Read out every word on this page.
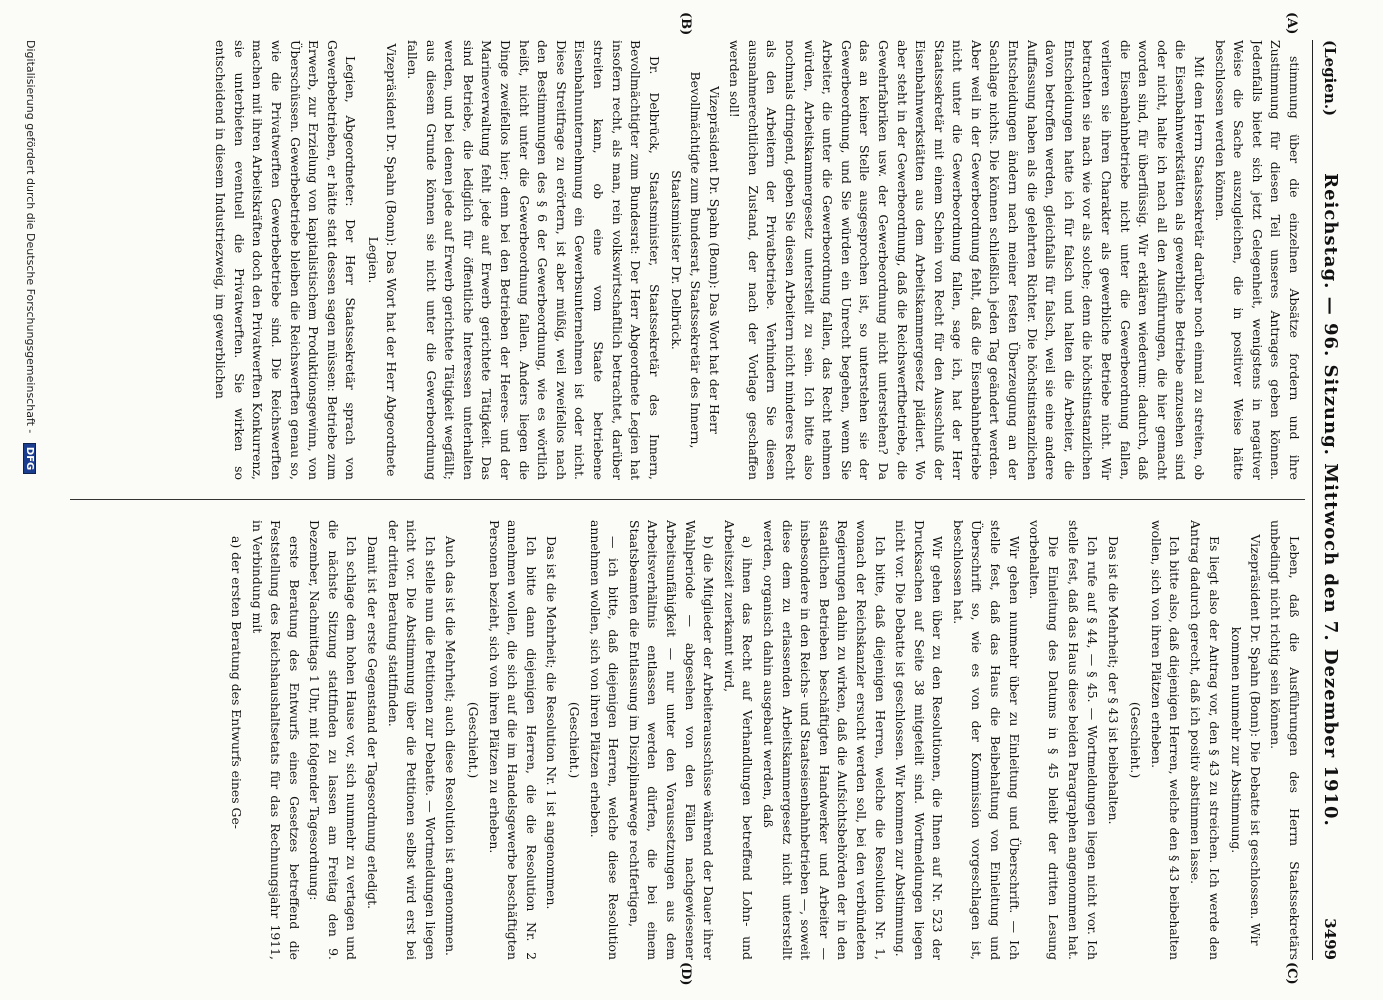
(Legien.)
Reichstag. — 96. Sitzung. Mittwoch den 7. Dezember 1910.
3499
(A)
(B)
(C)
(D)

stimmung über die einzelnen Absätze fordern und ihre Zustimmung für diesen Teil unseres Antrages geben können. Jedenfalls bietet sich jetzt Gelegenheit, wenigstens in negativer Weise die Sache auszugleichen, die in positiver Weise hätte beschlossen werden können.

Mit dem Herrn Staatssekretär darüber noch einmal zu streiten, ob die Eisenbahnwerkstätten als gewerbliche Betriebe anzusehen sind oder nicht, halte ich nach all den Ausführungen, die hier gemacht worden sind, für überflüssig. Wir erklären wiederum: dadurch, daß die Eisenbahnbetriebe nicht unter die Gewerbeordnung fallen, verlieren sie ihren Charakter als gewerbliche Betriebe nicht. Wir betrachten sie nach wie vor als solche; denn die höchstinstanzlichen Entscheidungen hatte ich für falsch und halten die Arbeiter, die davon betroffen werden, gleichfalls für falsch, weil sie eine andere Auffassung haben als die gelehrten Richter. Die höchstinstanzlichen Entscheidungen ändern nach meiner festen Überzeugung an der Sachlage nichts. Die können schließlich jeden Tag geändert werden. Aber weil in der Gewerbeordnung fehlt, daß die Eisenbahnbetriebe nicht unter die Gewerbeordnung fallen, sage ich, hat der Herr Staatssekretär mit einem Schein von Recht für den Ausschluß der Eisenbahnwerkstätten aus dem Arbeitskammergesetz plädiert. Wo aber steht in der Gewerbeordnung, daß die Reichswerftbetriebe, die Gewehrfabriken usw. der Gewerbeordnung nicht unterstehen? Da das an keiner Stelle ausgesprochen ist, so unterstehen sie der Gewerbeordnung, und Sie würden ein Unrecht begehen, wenn Sie Arbeiter, die unter die Gewerbeordnung fallen, das Recht nehmen würden, Arbeitskammergesetz unterstellt zu sein. Ich bitte also nochmals dringend, geben Sie diesen Arbeitern nicht minderes Recht als den Arbeitern der Privatbetriebe. Verhindern Sie diesen ausnahmerechtlichen Zustand, der nach der Vorlage geschaffen werden soll!

Vizepräsident Dr. Spahn (Bonn): Das Wort hat der Herr Bevollmächtigte zum Bundesrat, Staatssekretär des Innern, Staatsminister Dr. Delbrück.

Dr. Delbrück, Staatsminister, Staatssekretär des Innern, Bevollmächtigter zum Bundesrat: Der Herr Abgeordnete Legien hat insofern recht, als man, rein volkswirtschaftlich betrachtet, darüber streiten kann, ob eine vom Staate betriebene Eisenbahnunternehmung ein Gewerbsunternehmen ist oder nicht. Diese Streitfrage zu erörtern, ist aber müßig, weil zweifellos nach den Bestimmungen des § 6 der Gewerbeordnung, wie es wörtlich heißt, nicht unter die Gewerbeordnung fallen. Anders liegen die Dinge zweifellos hier; denn bei den Betrieben der Heeres- und der Marineverwaltung fehlt jede auf Erwerb gerichtete Tätigkeit. Das sind Betriebe, die lediglich für öffentliche Interessen unterhalten werden, und bei denen jede auf Erwerb gerichtete Tätigkeit wegfällt; aus diesem Grunde können sie nicht unter die Gewerbeordnung fallen.

Vizepräsident Dr. Spahn (Bonn): Das Wort hat der Herr Abgeordnete Legien.

Legien, Abgeordneter: Der Herr Staatssekretär sprach von Gewerbebetrieben, er hätte statt dessen sagen müssen: Betriebe zum Erwerb, zur Erzielung von kapitalistischem Produktionsgewinn, von Überschüssen. Gewerbebetriebe bleiben die Reichswerften genau so, wie die Privatwerften Gewerbebetriebe sind. Die Reichswerften machen mit ihren Arbeitskräften doch den Privatwerften Konkurrenz, sie unterbieten eventuell die Privatwerften. Sie wirken so entscheidend in diesem Industriezweig, im gewerblichen

Leben, daß die Ausführungen des Herrn Staatssekretärs unbedingt nicht richtig sein können.

Vizepräsident Dr. Spahn (Bonn): Die Debatte ist geschlossen. Wir kommen nunmehr zur Abstimmung.

Es liegt also der Antrag vor, den § 43 zu streichen. Ich werde den Antrag dadurch gerecht, daß ich positiv abstimmen lasse.

Ich bitte also, daß diejenigen Herren, welche den § 43 beibehalten wollen, sich von ihren Plätzen erheben.

(Geschieht.)

Das ist die Mehrheit; der § 43 ist beibehalten.

Ich rufe auf § 44, — § 45. — Wortmeldungen liegen nicht vor. Ich stelle fest, daß das Haus diese beiden Paragraphen angenommen hat.

Die Einleitung des Datums in § 45 bleibt der dritten Lesung vorbehalten.

Wir gehen nunmehr über zu Einleitung und Überschrift. — Ich stelle fest, daß das Haus die Beibehaltung von Einleitung und Überschrift so, wie es von der Kommission vorgeschlagen ist, beschlossen hat.

Wir gehen über zu den Resolutionen, die Ihnen auf Nr. 523 der Drucksachen auf Seite 38 mitgeteilt sind. Wortmeldungen liegen nicht vor. Die Debatte ist geschlossen. Wir kommen zur Abstimmung.

Ich bitte, daß diejenigen Herren, welche die Resolution Nr. 1, wonach der Reichskanzler ersucht werden soll, bei den verbündeten Regierungen dahin zu wirken, daß die Aufsichtsbehörden der in den staatlichen Betrieben beschäftigten Handwerker und Arbeiter — insbesondere in den Reichs- und Staatseisenbahnbetrieben —, soweit diese dem zu erlassenden Arbeitskammergesetz nicht unterstellt werden, organisch dahin ausgebaut werden, daß

a) ihnen das Recht auf Verhandlungen betreffend Lohn- und Arbeitszeit zuerkannt wird,

b) die Mitglieder der Arbeiterausschüsse während der Dauer ihrer Wahlperiode — abgesehen von den Fällen nachgewiesener Arbeitsunfähigkeit — nur unter den Voraussetzungen aus dem Arbeitsverhältnis entlassen werden dürfen, die bei einem Staatsbeamten die Entlassung im Disziplinarwege rechtfertigen,

— ich bitte, daß diejenigen Herren, welche diese Resolution annehmen wollen, sich von ihren Plätzen erheben.

(Geschieht.)

Das ist die Mehrheit; die Resolution Nr. 1 ist angenommen.

Ich bitte dann diejenigen Herren, die die Resolution Nr. 2 annehmen wollen, die sich auf die im Handelsgewerbe beschäftigten Personen bezieht, sich von ihren Plätzen zu erheben.

(Geschieht.)

Auch das ist die Mehrheit; auch diese Resolution ist angenommen.

Ich stelle nun die Petitionen zur Debatte. — Wortmeldungen liegen nicht vor. Die Abstimmung über die Petitionen selbst wird erst bei der dritten Beratung stattfinden.

Damit ist der erste Gegenstand der Tagesordnung erledigt.

Ich schlage dem hohen Hause vor, sich nunmehr zu vertagen und die nächste Sitzung stattfinden zu lassen am Freitag den 9. Dezember, Nachmittags 1 Uhr, mit folgender Tagesordnung:

erste Beratung des Entwurfs eines Gesetzes betreffend die Feststellung des Reichshaushaltsetats für das Rechnungsjahr 1911, in Verbindung mit

a) der ersten Beratung des Entwurfs eines Ge-

Digitalisierung gefördert durch die Deutsche Forschungsgemeinschaft - DFG
